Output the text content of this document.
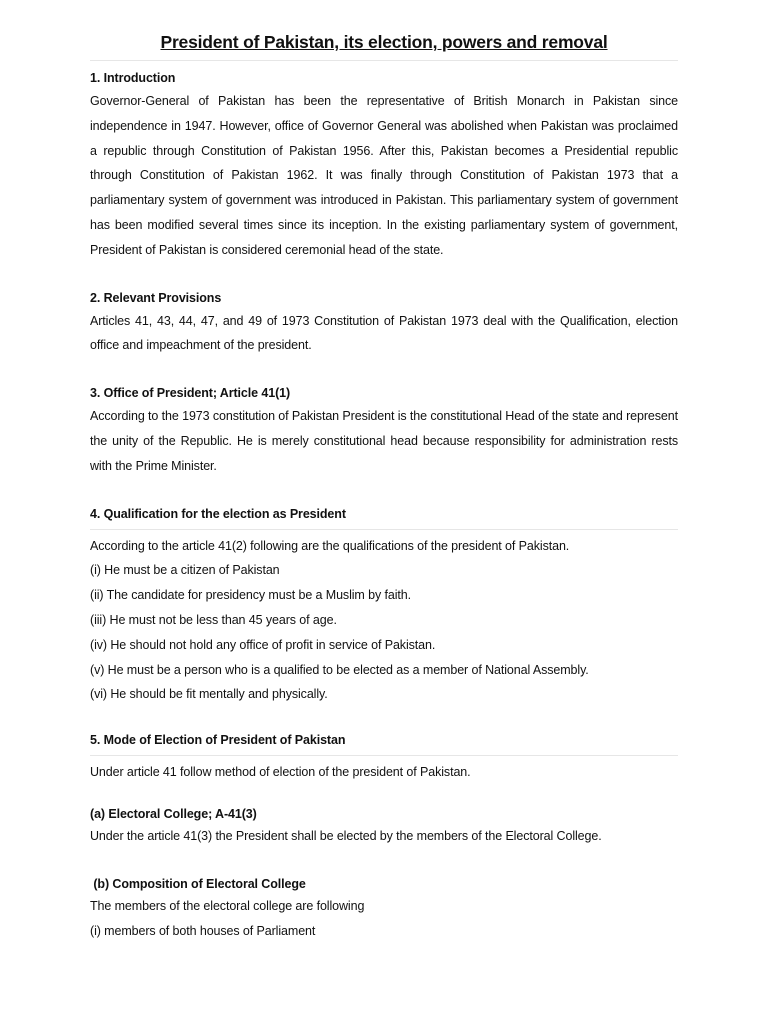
President of Pakistan, its election, powers and removal
1. Introduction

Governor-General of Pakistan has been the representative of British Monarch in Pakistan since independence in 1947. However, office of Governor General was abolished when Pakistan was proclaimed a republic through Constitution of Pakistan 1956. After this, Pakistan becomes a Presidential republic through Constitution of Pakistan 1962. It was finally through Constitution of Pakistan 1973 that a parliamentary system of government was introduced in Pakistan. This parliamentary system of government has been modified several times since its inception. In the existing parliamentary system of government, President of Pakistan is considered ceremonial head of the state.

2. Relevant Provisions

Articles 41, 43, 44, 47, and 49 of 1973 Constitution of Pakistan 1973 deal with the Qualification, election office and impeachment of the president.

3. Office of President; Article 41(1)

According to the 1973 constitution of Pakistan President is the constitutional Head of the state and represent the unity of the Republic. He is merely constitutional head because responsibility for administration rests with the Prime Minister.

4. Qualification for the election as President

According to the article 41(2) following are the qualifications of the president of Pakistan.

(i) He must be a citizen of Pakistan

(ii) The candidate for presidency must be a Muslim by faith.

(iii) He must not be less than 45 years of age.

(iv) He should not hold any office of profit in service of Pakistan.

(v) He must be a person who is a qualified to be elected as a member of National Assembly.

(vi) He should be fit mentally and physically.

5. Mode of Election of President of Pakistan

Under article 41 follow method of election of the president of Pakistan.

(a) Electoral College; A-41(3)

Under the article 41(3) the President shall be elected by the members of the Electoral College.

(b) Composition of Electoral College

The members of the electoral college are following

(i) members of both houses of Parliament
